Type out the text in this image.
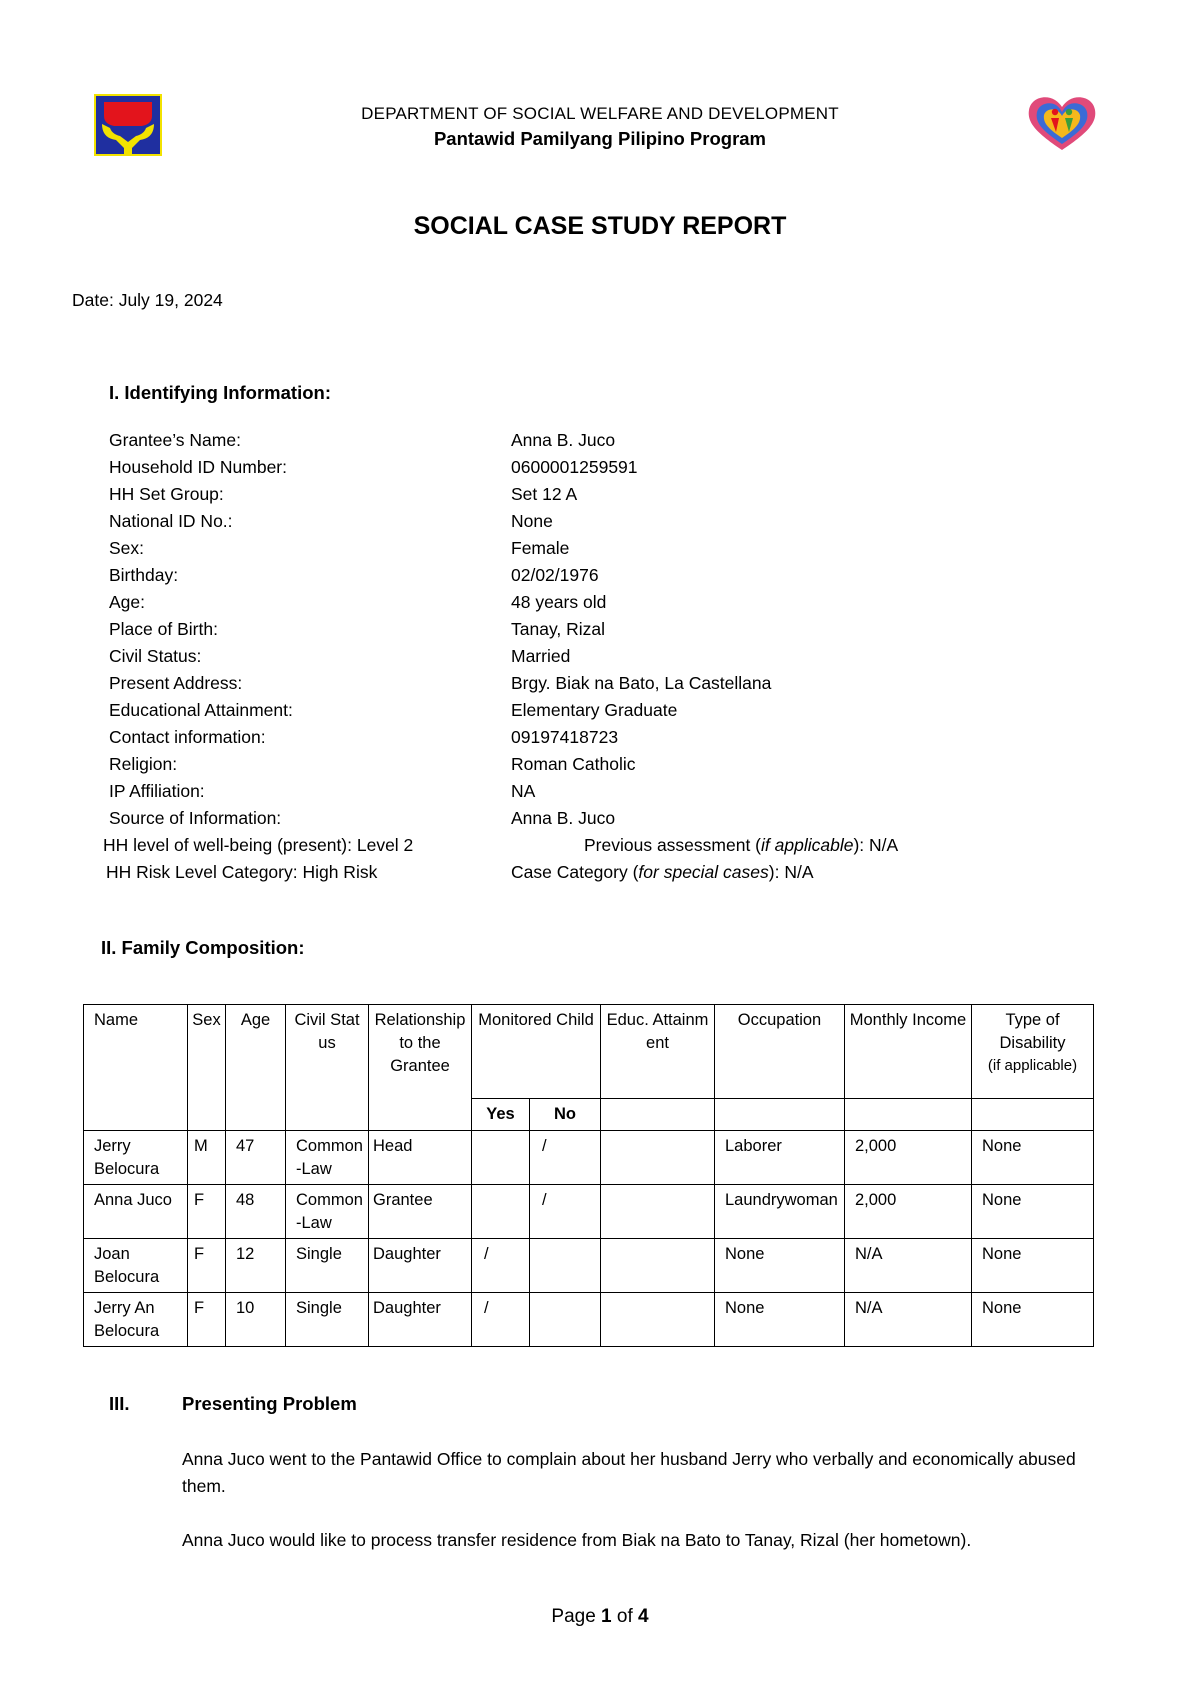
DEPARTMENT OF SOCIAL WELFARE AND DEVELOPMENT
Pantawid Pamilyang Pilipino Program
SOCIAL CASE STUDY REPORT
Date: July 19, 2024
I. Identifying Information:
Grantee’s Name:	Anna B. Juco
Household ID Number:	0600001259591
HH Set Group:	Set 12 A
National ID No.:	None
Sex:	Female
Birthday:	02/02/1976
Age:	48 years old
Place of Birth:	Tanay, Rizal
Civil Status:	Married
Present Address:	Brgy. Biak na Bato, La Castellana
Educational Attainment:	Elementary Graduate
Contact information:	09197418723
Religion:	Roman Catholic
IP Affiliation:	NA
Source of Information:	Anna B. Juco
HH level of well-being (present): Level 2	Previous assessment (if applicable): N/A
HH Risk Level Category: High Risk	Case Category (for special cases): N/A
II. Family Composition:
Name	Sex	Age	Civil Status	Relationship to the Grantee	Monitored Child		Educ. Attainment	Occupation	Monthly Income	Type of Disability
(if applicable)

					Yes	No				
Jerry Belocura	M	47	Common-Law	Head		/		Laborer	2,000	None
Anna Juco	F	48	Common-Law	Grantee		/		Laundrywoman	2,000	None
Joan Belocura	F	12	Single	Daughter	/			None	N/A	None
Jerry An Belocura	F	10	Single	Daughter	/			None	N/A	None
III.	Presenting Problem
Anna Juco went to the Pantawid Office to complain about her husband Jerry who verbally and economically abused them.
Anna Juco would like to process transfer residence from Biak na Bato to Tanay, Rizal (her hometown).
Page 1 of 4
